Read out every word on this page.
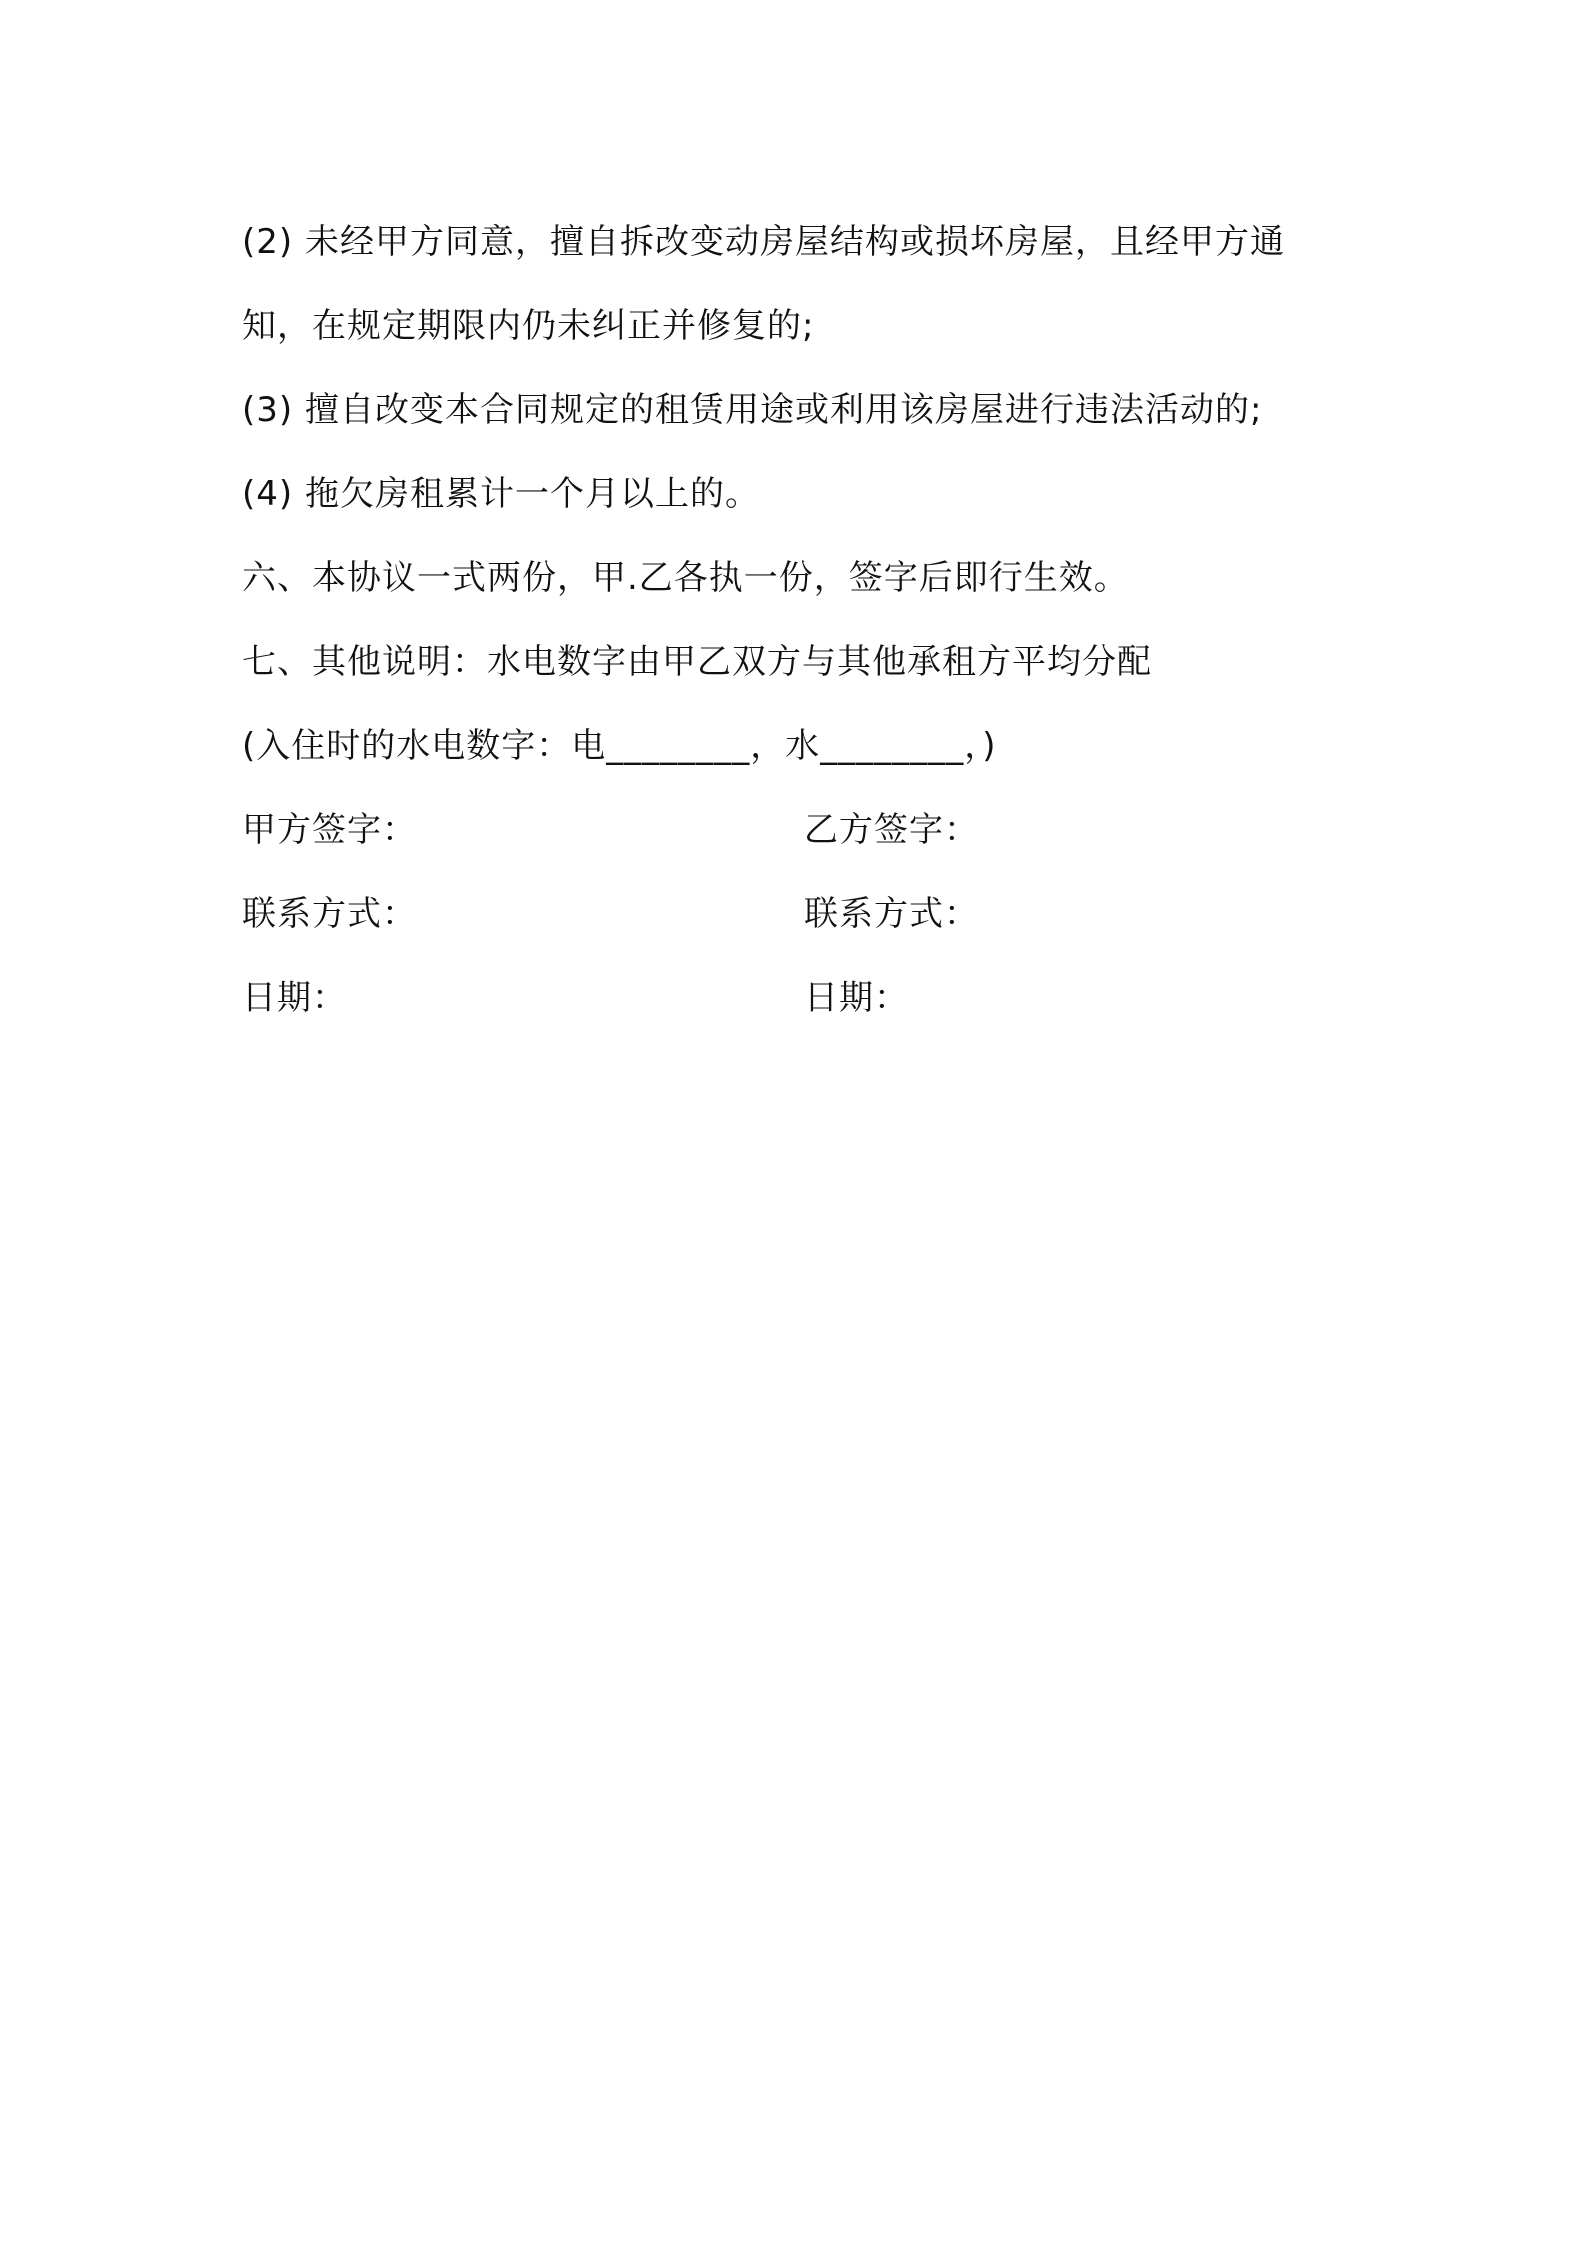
(2) 未经甲方同意，擅自拆改变动房屋结构或损坏房屋，且经甲方通
知，在规定期限内仍未纠正并修复的;
(3) 擅自改变本合同规定的租赁用途或利用该房屋进行违法活动的;
(4) 拖欠房租累计一个月以上的。
六、本协议一式两份，甲.乙各执一份，签字后即行生效。
七、其他说明：水电数字由甲乙双方与其他承租方平均分配
(入住时的水电数字：电________，水________，)
甲方签字：	乙方签字：
联系方式：	联系方式：
日期：	日期：
